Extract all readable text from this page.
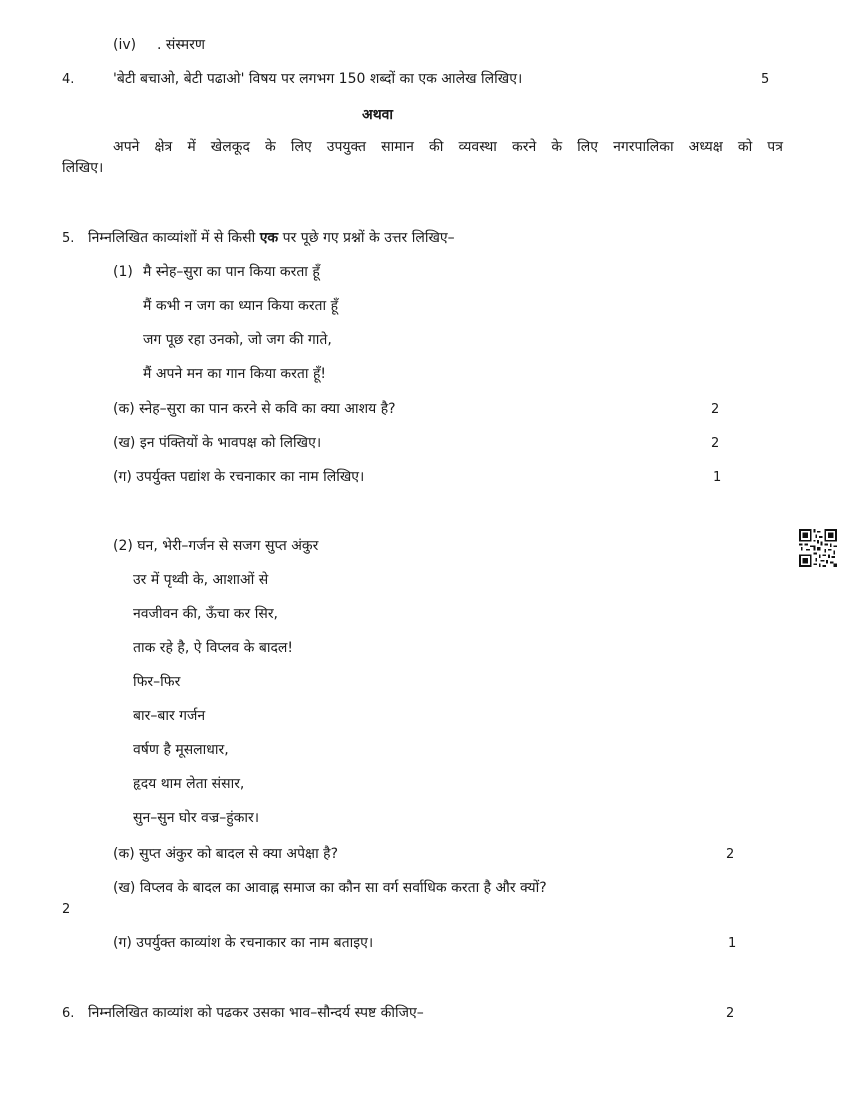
(iv) . संस्मरण
4.	'बेटी बचाओ, बेटी पढाओ' विषय पर लगभग 150 शब्दों का एक आलेख लिखिए।	5
अथवा
अपने क्षेत्र में खेलकूद के लिए उपयुक्त सामान की व्यवस्था करने के लिए नगरपालिका अध्यक्ष को पत्र
लिखिए।
5. निम्नलिखित काव्यांशों में से किसी एक पर पूछे गए प्रश्नों के उत्तर लिखिए–
(1) मै स्नेह–सुरा का पान किया करता हूँ
मैं कभी न जग का ध्यान किया करता हूँ
जग पूछ रहा उनको, जो जग की गाते,
मैं अपने मन का गान किया करता हूँ!
(क) स्नेह–सुरा का पान करने से कवि का क्या आशय है?	2
(ख) इन पंक्तियों के भावपक्ष को लिखिए।	2
(ग) उपर्युक्त पद्यांश के रचनाकार का नाम लिखिए।	1
(2) घन, भेरी–गर्जन से सजग सुप्त अंकुर
उर में पृथ्वी के, आशाओं से
नवजीवन की, ऊँचा कर सिर,
ताक रहे है, ऐ विप्लव के बादल!
फिर–फिर
बार–बार गर्जन
वर्षण है मूसलाधार,
हृदय थाम लेता संसार,
सुन–सुन घोर वज्र–हुंकार।
(क) सुप्त अंकुर को बादल से क्या अपेक्षा है?	2
(ख) विप्लव के बादल का आवाह्न समाज का कौन सा वर्ग सर्वाधिक करता है और क्यों?
2
(ग) उपर्युक्त काव्यांश के रचनाकार का नाम बताइए।	1
6. निम्नलिखित काव्यांश को पढकर उसका भाव–सौन्दर्य स्पष्ट कीजिए–	2
